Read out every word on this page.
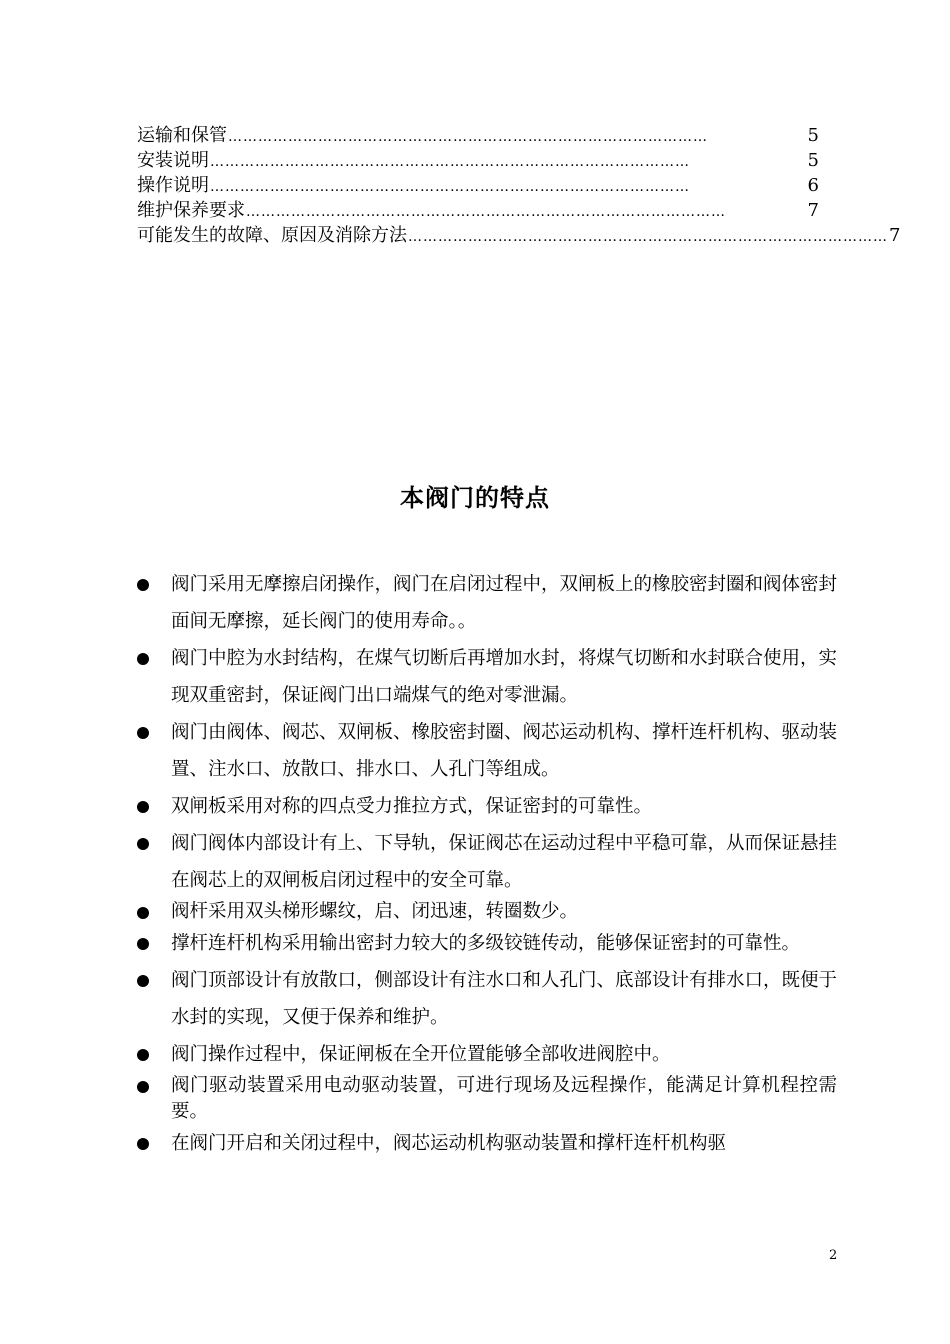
运输和保管 ……………………………………………………………………………………	5
安装说明 ……………………………………………………………………………………	5
操作说明 ……………………………………………………………………………………	6
维护保养要求 ……………………………………………………………………………………	7
可能发生的故障、原因及消除方法 …………………………………………………………………………………… 7
本阀门的特点
阀门采用无摩擦启闭操作，阀门在启闭过程中，双闸板上的橡胶密封圈和阀体密封面间无摩擦，延长阀门的使用寿命。。
阀门中腔为水封结构，在煤气切断后再增加水封，将煤气切断和水封联合使用，实现双重密封，保证阀门出口端煤气的绝对零泄漏。
阀门由阀体、阀芯、双闸板、橡胶密封圈、阀芯运动机构、撑杆连杆机构、驱动装置、注水口、放散口、排水口、人孔门等组成。
双闸板采用对称的四点受力推拉方式，保证密封的可靠性。
阀门阀体内部设计有上、下导轨，保证阀芯在运动过程中平稳可靠，从而保证悬挂在阀芯上的双闸板启闭过程中的安全可靠。
阀杆采用双头梯形螺纹，启、闭迅速，转圈数少。
撑杆连杆机构采用输出密封力较大的多级铰链传动，能够保证密封的可靠性。
阀门顶部设计有放散口，侧部设计有注水口和人孔门、底部设计有排水口，既便于水封的实现，又便于保养和维护。
阀门操作过程中，保证闸板在全开位置能够全部收进阀腔中。
阀门驱动装置采用电动驱动装置，可进行现场及远程操作，能满足计算机程控需要。
在阀门开启和关闭过程中，阀芯运动机构驱动装置和撑杆连杆机构驱
2
